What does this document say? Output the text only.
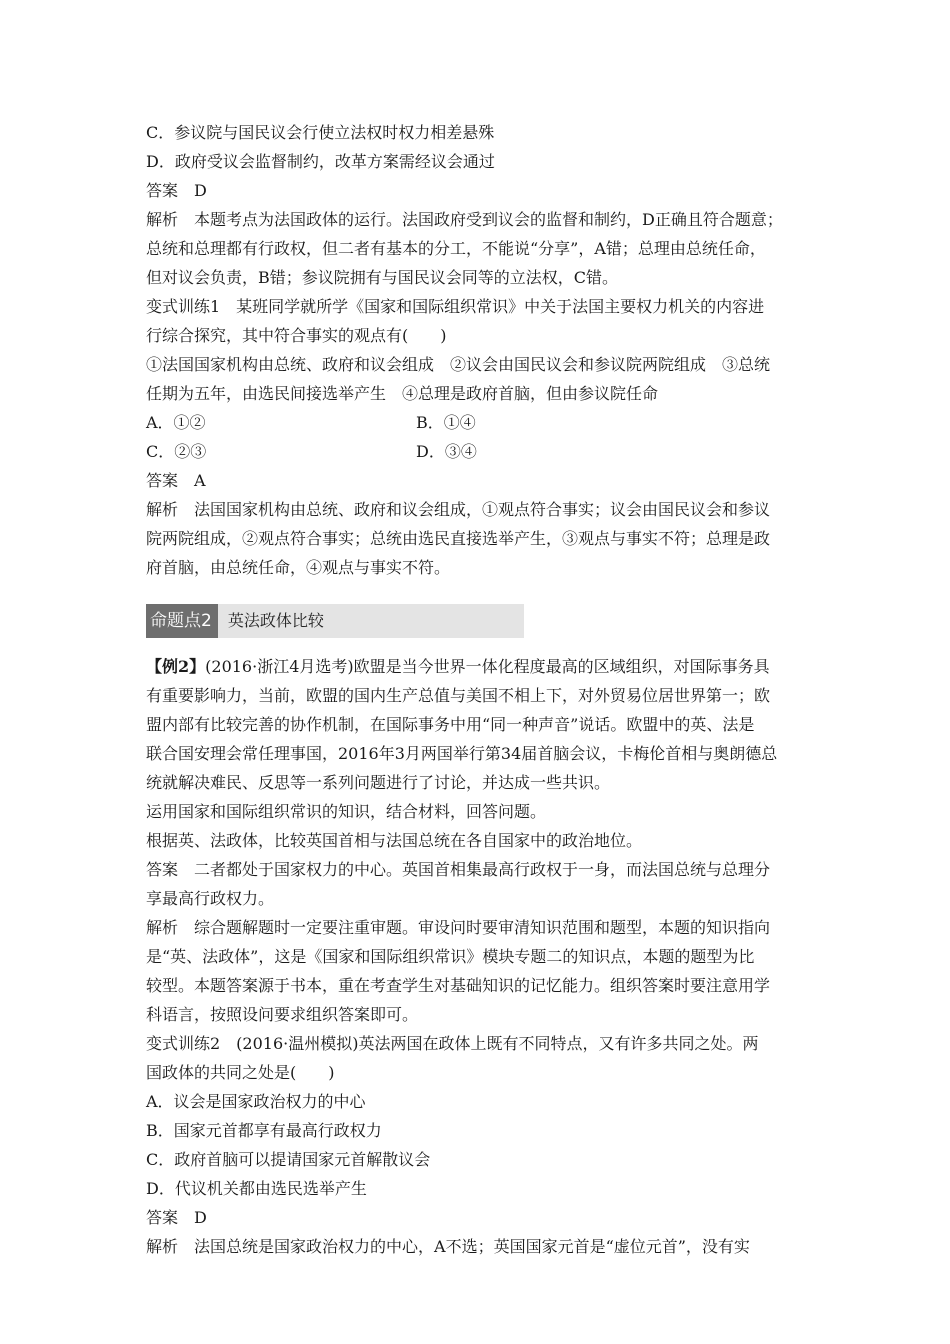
C．参议院与国民议会行使立法权时权力相差悬殊
D．政府受议会监督制约，改革方案需经议会通过
答案 D
解析 本题考点为法国政体的运行。法国政府受到议会的监督和制约，D正确且符合题意；
总统和总理都有行政权，但二者有基本的分工，不能说“分享”，A错；总理由总统任命，
但对议会负责，B错；参议院拥有与国民议会同等的立法权，C错。
变式训练1　某班同学就所学《国家和国际组织常识》中关于法国主要权力机关的内容进
行综合探究，其中符合事实的观点有(　　)
①法国国家机构由总统、政府和议会组成　②议会由国民议会和参议院两院组成　③总统
任期为五年，由选民间接选举产生　④总理是政府首脑，但由参议院任命
A．①②	B．①④
C．②③	D．③④
答案 A
解析 法国国家机构由总统、政府和议会组成，①观点符合事实；议会由国民议会和参议
院两院组成，②观点符合事实；总统由选民直接选举产生，③观点与事实不符；总理是政
府首脑，由总统任命，④观点与事实不符。
命题点2	英法政体比较
【例2】(2016·浙江4月选考)欧盟是当今世界一体化程度最高的区域组织，对国际事务具
有重要影响力，当前，欧盟的国内生产总值与美国不相上下，对外贸易位居世界第一；欧
盟内部有比较完善的协作机制，在国际事务中用“同一种声音”说话。欧盟中的英、法是
联合国安理会常任理事国，2016年3月两国举行第34届首脑会议，卡梅伦首相与奥朗德总
统就解决难民、反思等一系列问题进行了讨论，并达成一些共识。
运用国家和国际组织常识的知识，结合材料，回答问题。
根据英、法政体，比较英国首相与法国总统在各自国家中的政治地位。
答案 二者都处于国家权力的中心。英国首相集最高行政权于一身，而法国总统与总理分
享最高行政权力。
解析 综合题解题时一定要注重审题。审设问时要审清知识范围和题型，本题的知识指向
是“英、法政体”，这是《国家和国际组织常识》模块专题二的知识点，本题的题型为比
较型。本题答案源于书本，重在考查学生对基础知识的记忆能力。组织答案时要注意用学
科语言，按照设问要求组织答案即可。
变式训练2　(2016·温州模拟)英法两国在政体上既有不同特点，又有许多共同之处。两
国政体的共同之处是(　　)
A．议会是国家政治权力的中心
B．国家元首都享有最高行政权力
C．政府首脑可以提请国家元首解散议会
D．代议机关都由选民选举产生
答案 D
解析 法国总统是国家政治权力的中心，A不选；英国国家元首是“虚位元首”，没有实
